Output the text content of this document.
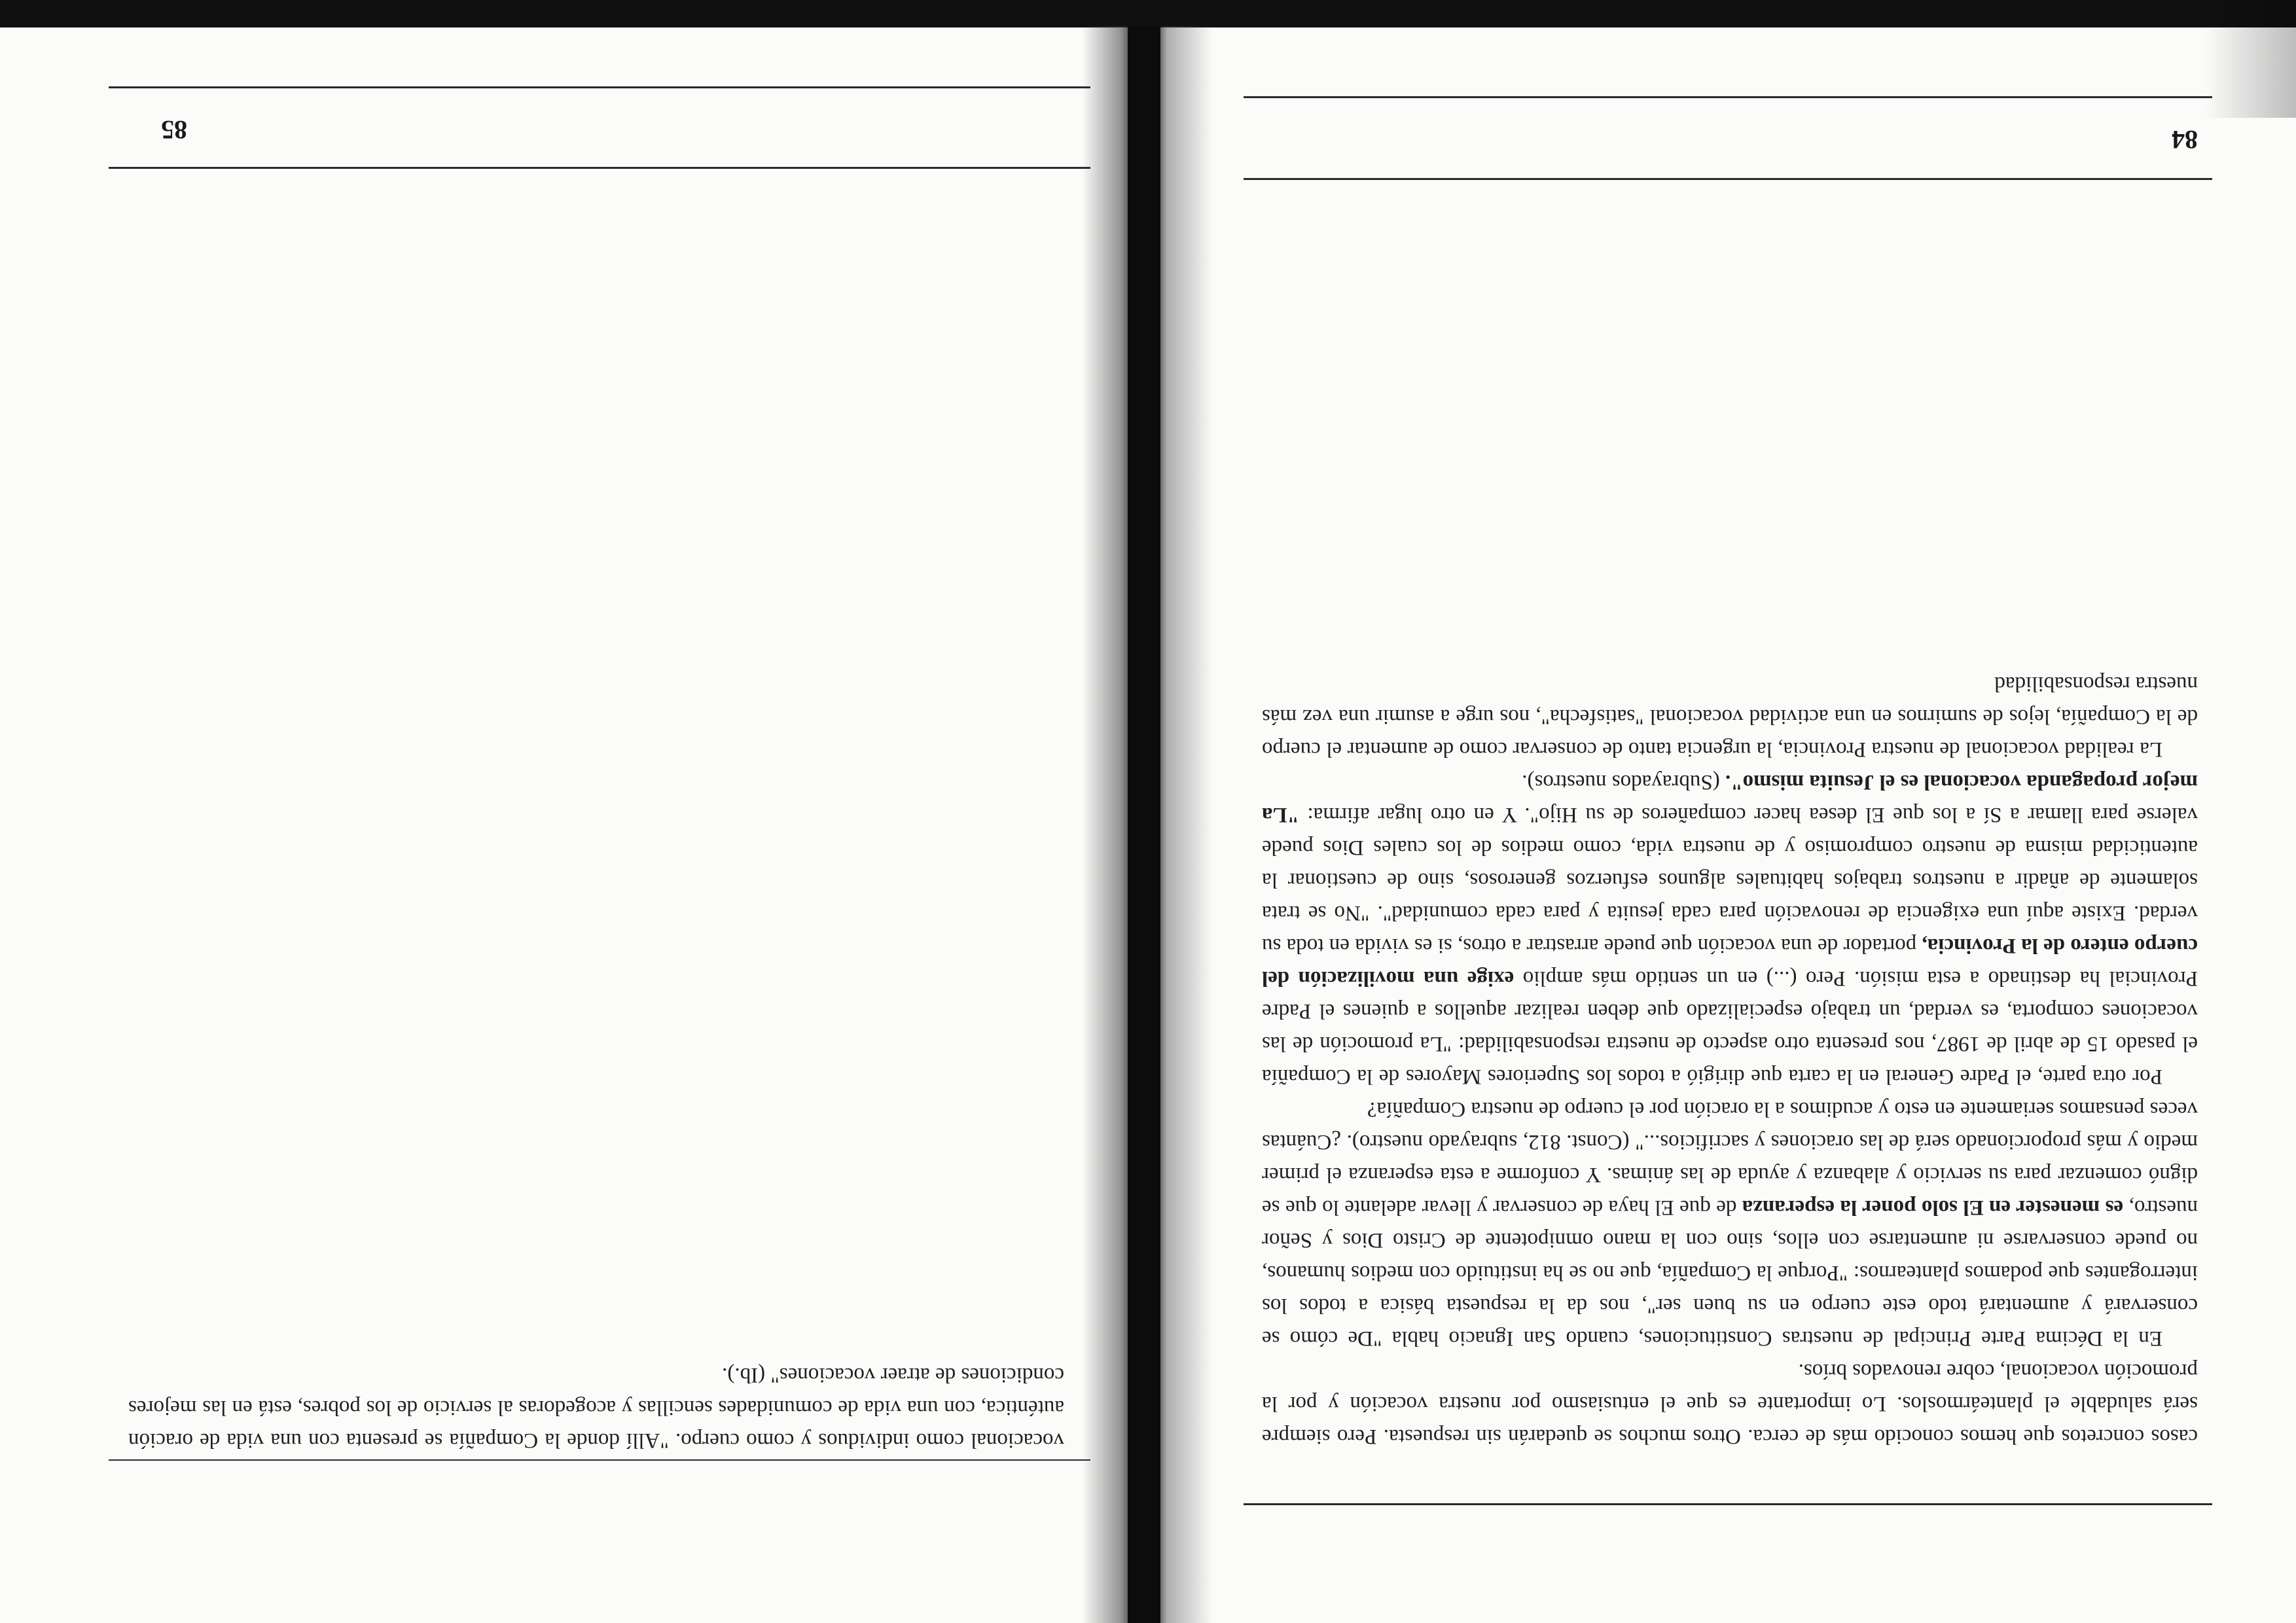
84

casos concretos que hemos conocido más de cerca. Otros muchos se quedarán sin respuesta. Pero siempre será saludable el planteármoslos. Lo importante es que el entusiasmo por nuestra vocación y por la promoción vocacional, cobre renovados bríos.

En la Décima Parte Principal de nuestras Constituciones, cuando San Ignacio habla "De cómo se conservará y aumentará todo este cuerpo en su buen ser", nos da la respuesta básica a todos los interrogantes que podamos plantearnos: "Porque la Compañía, que no se ha instituido con medios humanos, no puede conservarse ni aumentarse con ellos, sino con la mano omnipotente de Cristo Dios y Señor nuestro, es menester en El solo poner la esperanza de que El haya de conservar y llevar adelante lo que se dignó comenzar para su servicio y alabanza y ayuda de las ánimas. Y conforme a esta esperanza el primer medio y más proporcionado será de las oraciones y sacrificios..." (Const. 812, subrayado nuestro). ¿Cuántas veces pensamos seriamente en esto y acudimos a la oración por el cuerpo de nuestra Compañía?

Por otra parte, el Padre General en la carta que dirigió a todos los Superiores Mayores de la Compañía el pasado 15 de abril de 1987, nos presenta otro aspecto de nuestra responsabilidad: "La promoción de las vocaciones comporta, es verdad, un trabajo especializado que deben realizar aquellos a quienes el Padre Provincial ha destinado a esta misión. Pero (...) en un sentido más amplio exige una movilización del cuerpo entero de la Provincia, portador de una vocación que puede arrastrar a otros, si es vivida en toda su verdad. Existe aquí una exigencia de renovación para cada jesuita y para cada comunidad". "No se trata solamente de añadir a nuestros trabajos habituales algunos esfuerzos generosos, sino de cuestionar la autenticidad misma de nuestro compromiso y de nuestra vida, como medios de los cuales Dios puede valerse para llamar a Sí a los que El desea hacer compañeros de su Hijo". Y en otro lugar afirma: "La mejor propaganda vocacional es el Jesuita mismo". (Subrayados nuestros).

La realidad vocacional de nuestra Provincia, la urgencia tanto de conservar como de aumentar el cuerpo de la Compañía, lejos de sumirnos en una actividad vocacional "satisfecha", nos urge a asumir una vez más nuestra responsabilidad

85

vocacional como individuos y como cuerpo. "Allí donde la Compañía se presenta con una vida de oración auténtica, con una vida de comunidades sencillas y acogedoras al servicio de los pobres, está en las mejores condiciones de atraer vocaciones" (Ib.).
